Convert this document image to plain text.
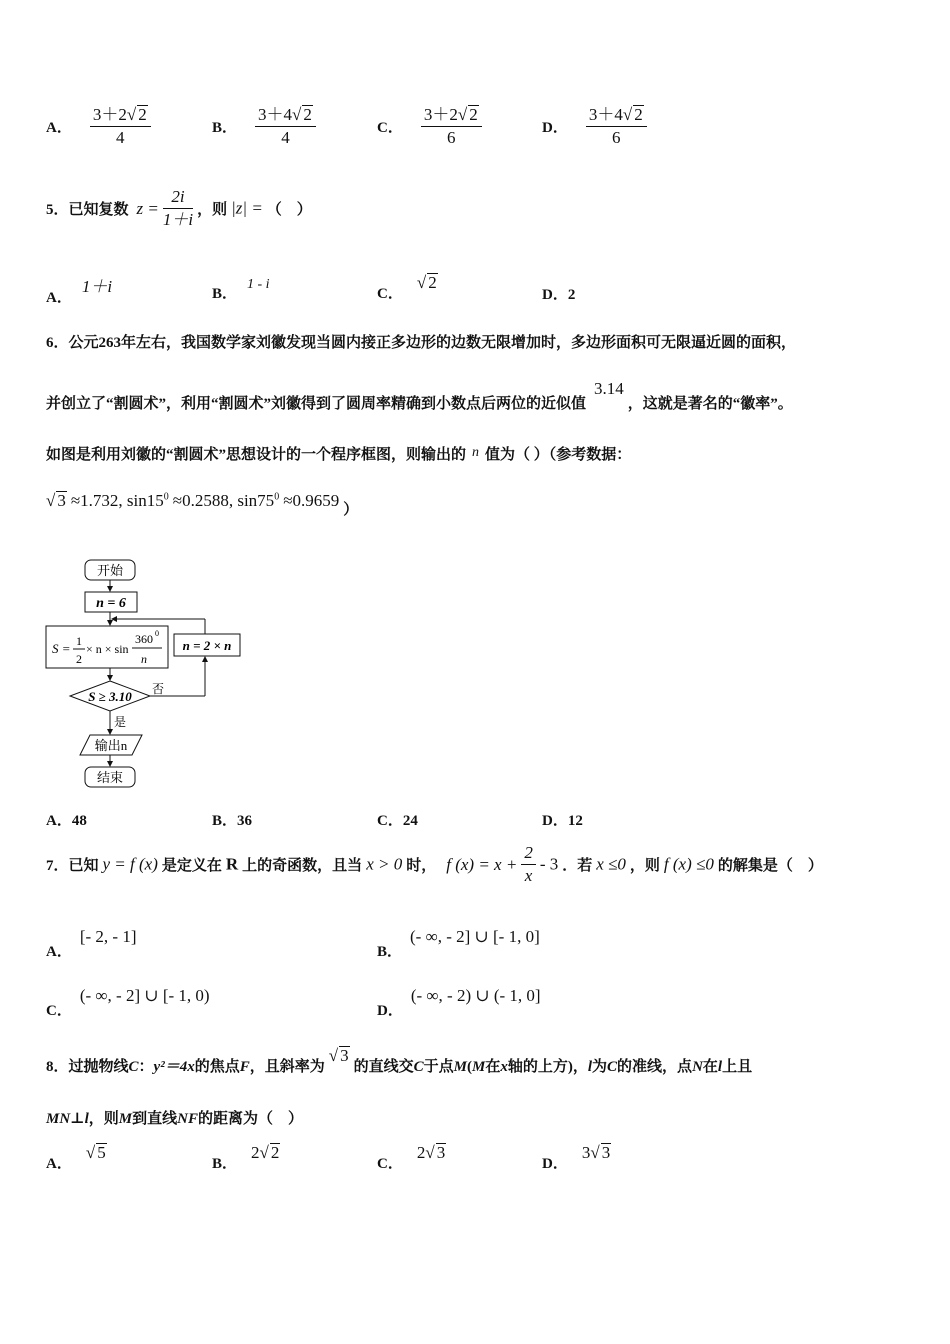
A． $\frac{3+2√ 2}{4}$	B． $\frac{3+4√ 2}{4}$	C． $\frac{3+2√ 2}{6}$	D． $\frac{3+4√ 2}{6}$
5．已知复数 $z = \frac{2i}{1+i}$ ，则 |z| = （　）
A． 1＋i	B． 1 - i
C． √ 2
D．2
6．公元263年左右，我国数学家刘徽发现当圆内接正多边形的边数无限增加时，多边形面积可无限逼近圆的面积，
并创立了“割圆术”，利用“割圆术”刘徽得到了圆周率精确到小数点后两位的近似值 3.14 ，这就是著名的“徽率”。
如图是利用刘徽的“割圆术”思想设计的一个程序框图，则输出的 n 值为（ ）（参考数据：
√ 3 ≈1.732, $\sin 15^0 \approx 0.2588$, $\sin 75^0 \approx 0.9659$ ）
开始
n = 6
S = 1
2
× n × sin
360 0
n
n = 2 × n
S ≥ 3.10 否
是
输出n
结束
A．48	B．36	C．24	D．12
7．已知 y = f (x) 是定义在 R 上的奇函数，且当 x > 0 时， f $(x) = x + \frac{2}{x} - 3$ ．若 x ≤0 ，则 f (x) ≤0 的解集是（　）
A． [- 2, - 1]
B． (- ∞, - 2] ∪ [- 1, 0]
C． (- ∞, - 2] ∪ [- 1, 0)
D． (- ∞, - 2) ∪ (- 1, 0]
8．过抛物线C：y²＝4x的焦点F，且斜率为 √ 3 的直线交C于点M(M在x轴的上方)，l为C的准线，点N在l上且
MN⊥l，则M到直线NF的距离为（　）
A． √ 5
B． 2√ 2
C． 2√ 3
D． 3√ 3
